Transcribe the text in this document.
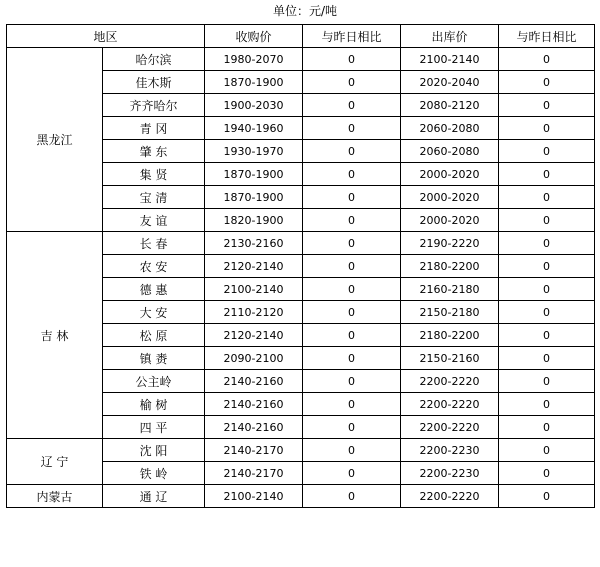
单位：元/吨
地区		收购价	与昨日相比	出库价	与昨日相比
黑龙江	哈尔滨	1980-2070	0	2100-2140	0
	佳木斯	1870-1900	0	2020-2040	0
	齐齐哈尔	1900-2030	0	2080-2120	0
	青 冈	1940-1960	0	2060-2080	0
	肇 东	1930-1970	0	2060-2080	0
	集 贤	1870-1900	0	2000-2020	0
	宝 清	1870-1900	0	2000-2020	0
	友 谊	1820-1900	0	2000-2020	0
吉 林	长 春	2130-2160	0	2190-2220	0
	农 安	2120-2140	0	2180-2200	0
	德 惠	2100-2140	0	2160-2180	0
	大 安	2110-2120	0	2150-2180	0
	松 原	2120-2140	0	2180-2200	0
	镇 赉	2090-2100	0	2150-2160	0
	公主岭	2140-2160	0	2200-2220	0
	榆 树	2140-2160	0	2200-2220	0
	四 平	2140-2160	0	2200-2220	0
辽 宁	沈 阳	2140-2170	0	2200-2230	0
	铁 岭	2140-2170	0	2200-2230	0
内蒙古	通 辽	2100-2140	0	2200-2220	0
